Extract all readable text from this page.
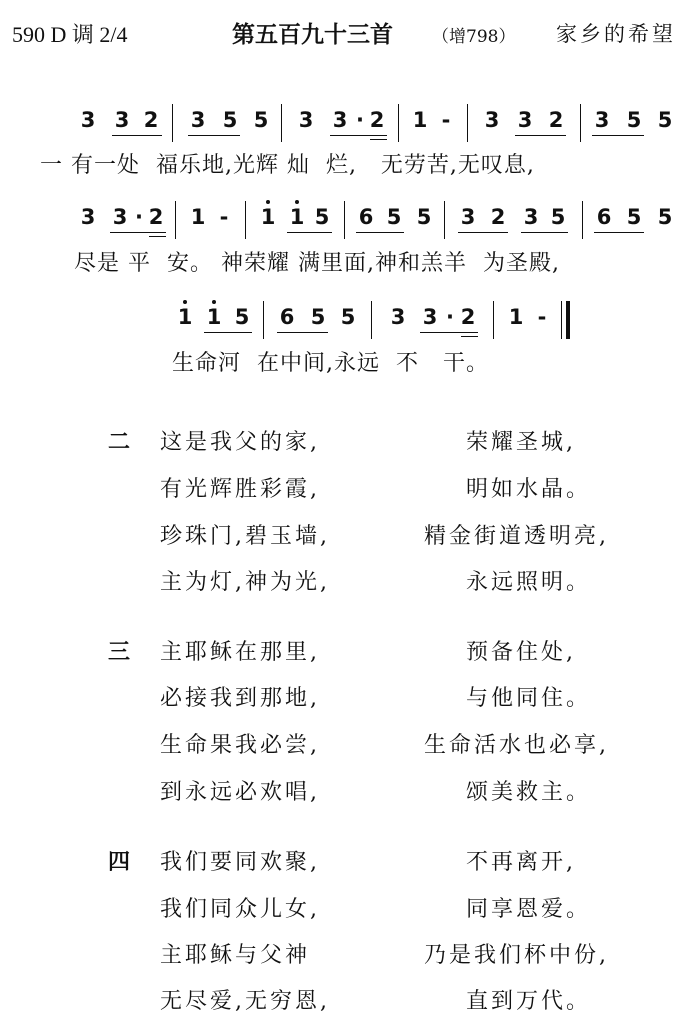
590 D 调 2/4	第五百九十三首 （增798） 家乡的希望
3 3 2 3 5 5 3 3 · 2 1 - 3 3 2 3 5 5
一 有一处  福乐地,光辉 灿  烂,   无劳苦,无叹息,
3 3 · 2 1 - 1 1 5 6 5 5 3 2 3 5 6 5 5
尽是 平  安。 神荣耀 满里面,神和羔羊  为圣殿,
1 1 5 6 5 5 3 3 · 2 1 -
生命河  在中间,永远  不   干。
二 这是我父的家,	荣耀圣城,
有光辉胜彩霞,	明如水晶。
珍珠门,碧玉墙,	精金街道透明亮,
主为灯,神为光,	永远照明。
三 主耶稣在那里,	预备住处,
必接我到那地,	与他同住。
生命果我必尝,	生命活水也必享,
到永远必欢唱,	颂美救主。
四 我们要同欢聚,	不再离开,
我们同众儿女,	同享恩爱。
主耶稣与父神	乃是我们杯中份,
无尽爱,无穷恩,	直到万代。
